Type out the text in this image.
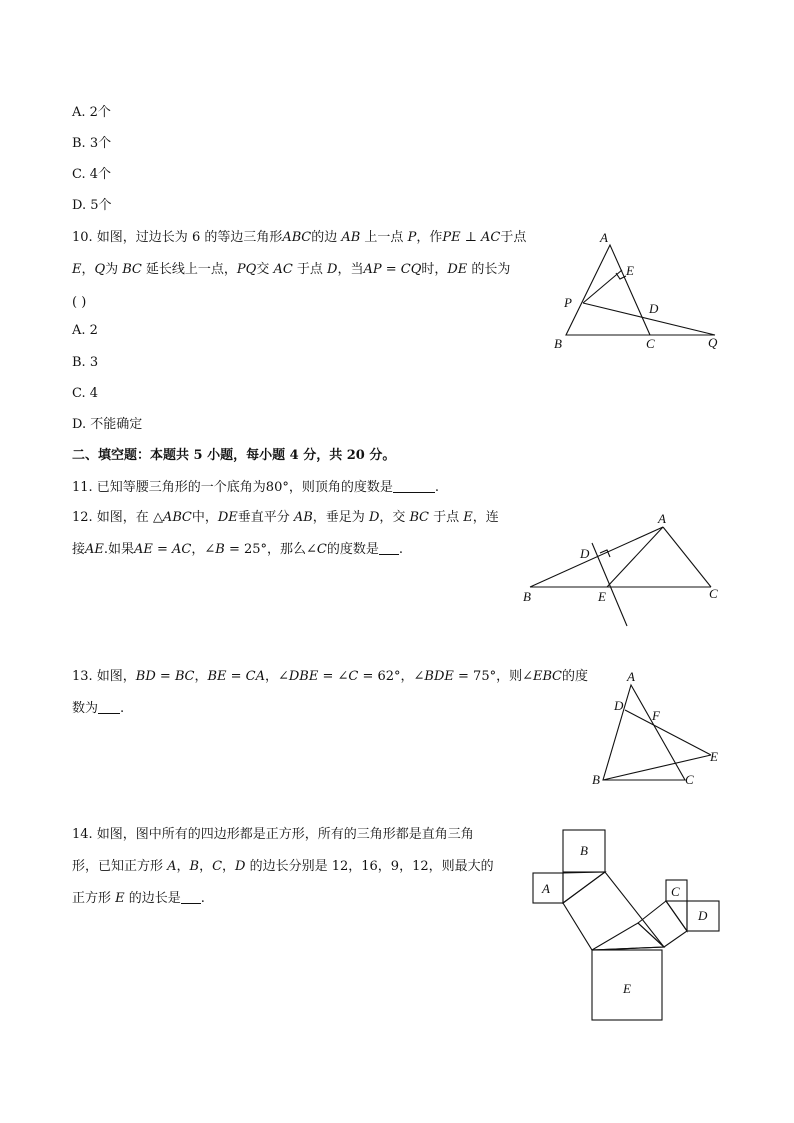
A. 2个
B. 3个
C. 4个
D. 5个
10. 如图，过边长为 6 的等边三角形𝐴𝐵𝐶的边 𝐴𝐵 上一点 𝑃，作𝑃𝐸 ⊥ 𝐴𝐶于点
𝐸，𝑄为 𝐵𝐶 延长线上一点，𝑃𝑄交 𝐴𝐶 于点 𝐷，当𝐴𝑃 = 𝐶𝑄时，𝐷𝐸 的长为
( )
A. 2
B. 3
C. 4
D. 不能确定
A
E
P	D
B	C	Q
二、填空题：本题共 5 小题，每小题 4 分，共 20 分。
11. 已知等腰三角形的一个底角为80°，则顶角的度数是	.
12. 如图，在 △𝐴𝐵𝐶中，𝐷𝐸垂直平分 𝐴𝐵，垂足为 𝐷，交 𝐵𝐶 于点 𝐸，连
接𝐴𝐸.如果𝐴𝐸 = 𝐴𝐶，∠𝐵 = 25°，那么∠𝐶的度数是 .
A
D
B	E	C
13. 如图，𝐵𝐷 = 𝐵𝐶，𝐵𝐸 = 𝐶𝐴，∠𝐷𝐵𝐸 = ∠𝐶 = 62°，∠𝐵𝐷𝐸 = 75°，则∠𝐸𝐵𝐶的度
数为 .
A
D
F
E
B	C
14. 如图，图中所有的四边形都是正方形，所有的三角形都是直角三角
形，已知正方形 𝐴，𝐵，𝐶，𝐷 的边长分别是 12，16，9，12，则最大的
正方形 𝐸 的边长是 .
B
A	C
D
E
